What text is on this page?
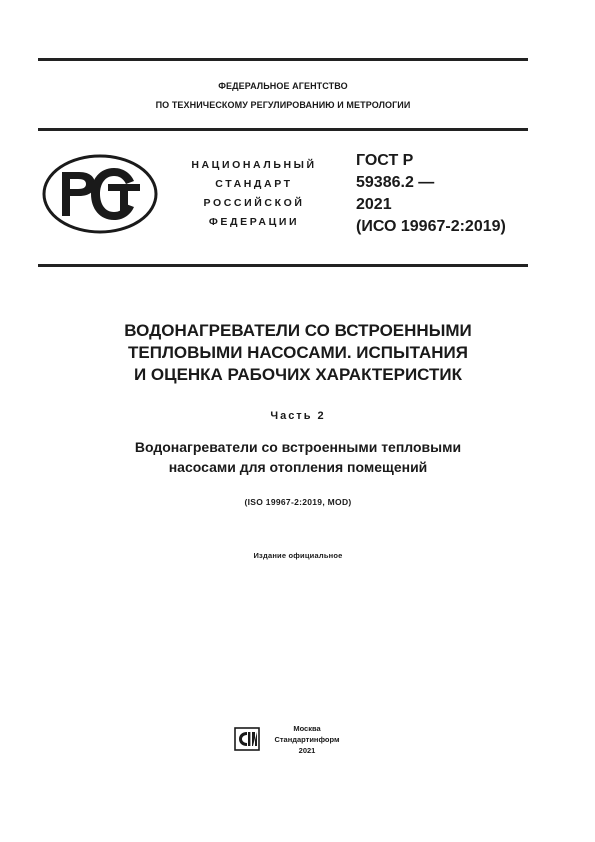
ФЕДЕРАЛЬНОЕ АГЕНТСТВО
ПО ТЕХНИЧЕСКОМУ РЕГУЛИРОВАНИЮ И МЕТРОЛОГИИ
НАЦИОНАЛЬНЫЙ
СТАНДАРТ
РОССИЙСКОЙ
ФЕДЕРАЦИИ
ГОСТ Р
59386.2 —
2021
(ИСО 19967-2:2019)
ВОДОНАГРЕВАТЕЛИ СО ВСТРОЕННЫМИ
ТЕПЛОВЫМИ НАСОСАМИ. ИСПЫТАНИЯ
И ОЦЕНКА РАБОЧИХ ХАРАКТЕРИСТИК
Часть 2
Водонагреватели со встроенными тепловыми
насосами для отопления помещений
(ISO 19967-2:2019, MOD)
Издание официальное
Москва
Стандартинформ
2021
